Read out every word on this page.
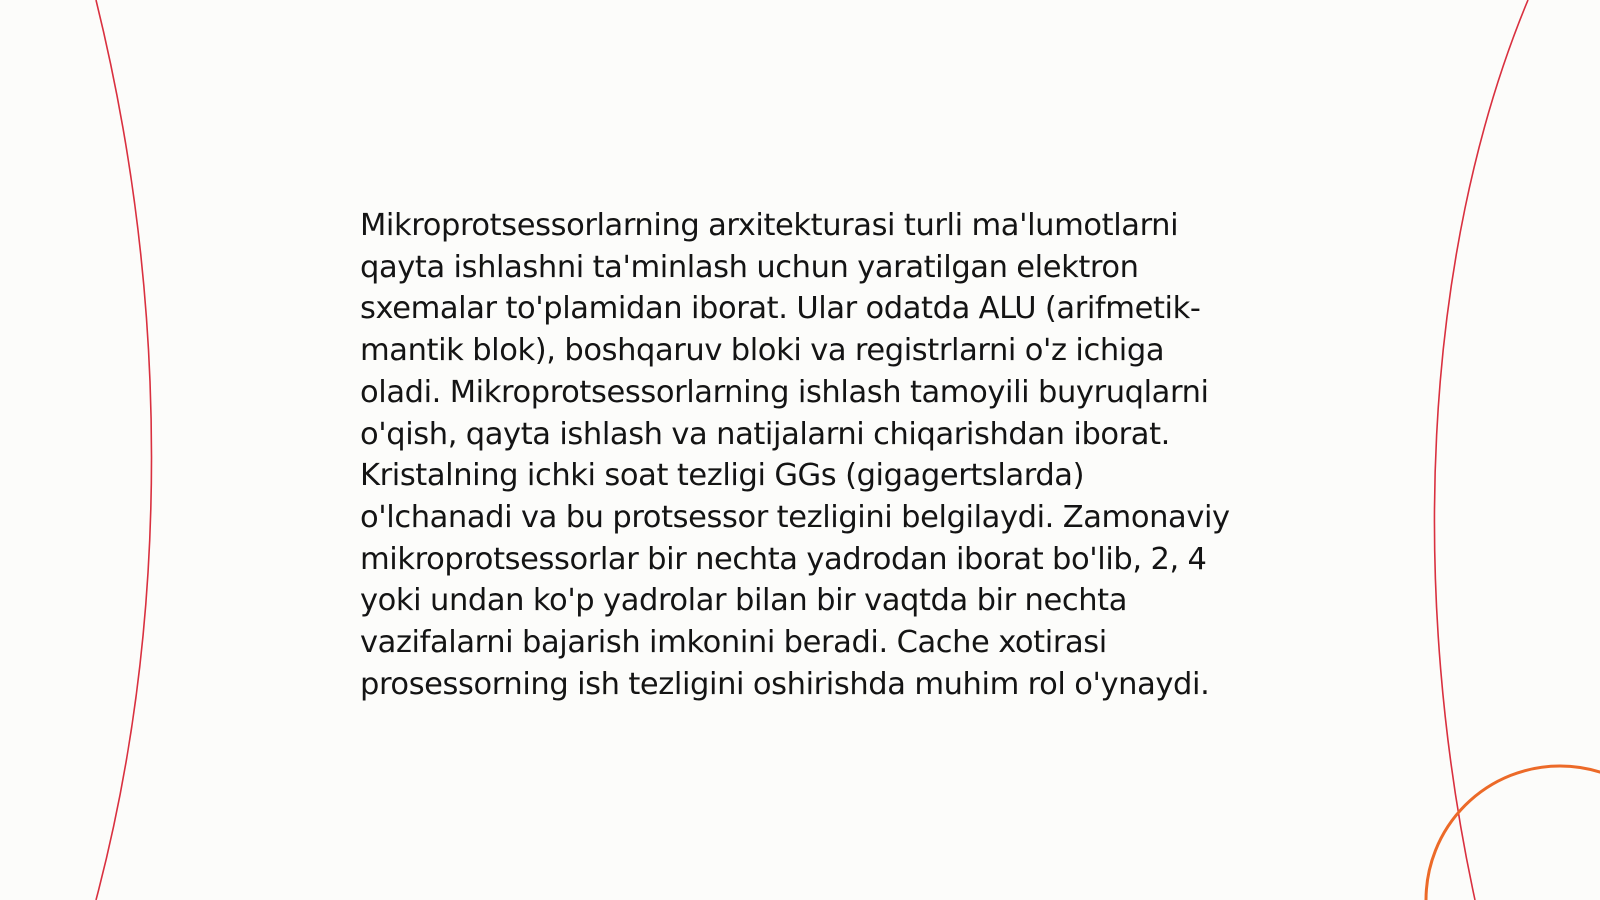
Mikroprotsessorlarning arxitekturasi turli ma'lumotlarni qayta ishlashni ta'minlash uchun yaratilgan elektron sxemalar to'plamidan iborat. Ular odatda ALU (arifmetik-mantik blok), boshqaruv bloki va registrlarni o'z ichiga oladi. Mikroprotsessorlarning ishlash tamoyili buyruqlarni o'qish, qayta ishlash va natijalarni chiqarishdan iborat. Kristalning ichki soat tezligi GGs (gigagertslarda) o'lchanadi va bu protsessor tezligini belgilaydi. Zamonaviy mikroprotsessorlar bir nechta yadrodan iborat bo'lib, 2, 4 yoki undan ko'p yadrolar bilan bir vaqtda bir nechta vazifalarni bajarish imkonini beradi. Cache xotirasi prosessorning ish tezligini oshirishda muhim rol o'ynaydi.
